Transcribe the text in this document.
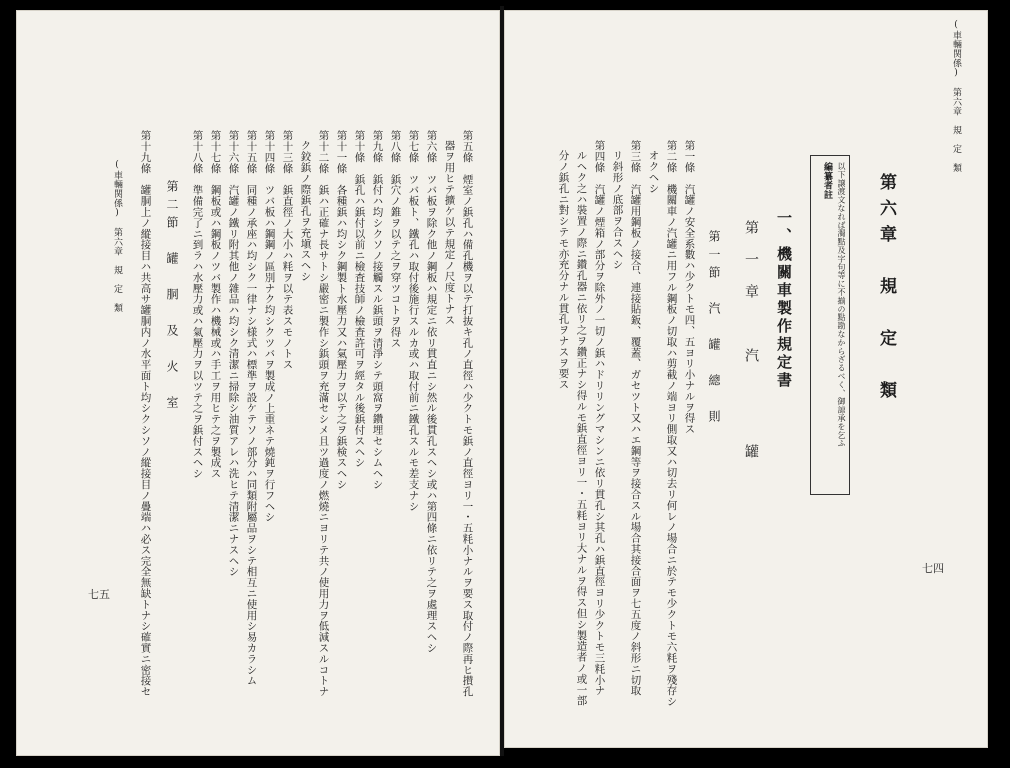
七四
(車輛関係)　第六章　規　定　類
第六章　規　定　類
編纂者註 以下譲渡文なれば濁點及字句等に不揃の點勘なからざるべく、御諒承を乞ふ
一、機關車製作規定書
第一章　汽　　罐
第一節　汽　罐　總　則
第一條　汽罐ノ安全系數ハ少クトモ四、五ヨリ小ナルヲ得ス
第二條　機關車ノ汽罐ニ用フル鋼板ノ切取ハ剪截ノ端ヨリ側取又ハ切去リ何レノ場合ニ於テモ少クトモ六粍ヲ殘存シ
オクヘシ
第三條　汽罐用鋼板ノ接合、連接貼鈑、覆蓋、ガセツト又ハエ鋼等ヲ接合スル場合其接合面ヲ七五度ノ斜形ニ切取
リ斜形ノ底部ヲ合スヘシ
第四條　汽罐ノ煙箱ノ部分ヲ除外ノ一切ノ鋲ハドリリングマシンニ依リ貫孔シ其孔ハ鋲直徑ヨリ少クトモ三粍小ナ
ルヘク之ハ裝置ノ際ニ鑽孔器ニ依リ之ヲ鑽正ナシ得ルモ鋲直徑ヨリ一・五粍ヨリ大ナルヲ得ス但シ製造者ノ或一部
分ノ鋲孔ニ對シテモ亦充分ナル貫孔ヲナスヲ要ス
第五條　煙室ノ鋲孔ハ備孔機ヲ以テ打抜キ孔ノ直徑ハ少クトモ鋲ノ直徑ヨリ一・五粍小ナルヲ要ス取付ノ際再ヒ攅孔
器ヲ用ヒテ擴ケ以テ規定ノ尺度トナス
第六條　ツバ板ヲ除ク他ノ鋼板ハ規定ニ依リ貫直ニシ然ル後貫孔スヘシ或ハ第四條ニ依リテ之ヲ處理スヘシ
第七條　ツバ板ト、鐵孔ハ取付後施行スルカ或ハ取付前ニ鐵孔スルモ差支ナシ
第八條　鋲穴ノ錐ヲ以テ之ヲ穿ツコトヲ得ス
第九條　鋲付ハ均シクソノ接觸スル鋲頭ヲ清淨シテ頭窩ヲ鑽埋セシムヘシ
第十條　鋲孔ハ鋲付以前ニ檢査技師ノ檢査許可ヲ經タル後鋲付スヘシ
第十一條　各種鋲ハ均シク鋼製ト水壓力又ハ氣壓力ヲ以テ之ヲ鋲検スヘシ
第十二條　鋲ハ正確ナ長サトシ嚴密ニ製作シ鋲頭ヲ充滿セシメ且ツ過度ノ燃燒ニヨリテ共ノ使用力ヲ低減スルコトナ
ク鉸鋲ノ際鋲孔ヲ充塡スヘシ
第十三條　鋲直徑ノ大小ハ粍ヲ以テ表スモノトス
第十四條　ツバ板ハ鋼鋼ノ區別ナク均シクツバヲ製成ノ上重ネテ燒鈍ヲ行フヘシ
第十五條　同種ノ承座ハ均シク一律ナシ様式ハ標準ヲ設ケテソノ部分ハ同類附屬品ヲシテ相互ニ使用シ易カラシム
第十六條　汽罐ノ鐵リ附其他ノ雜品ハ均シク清潔ニ掃除シ油質アレハ洗ヒテ清潔ニナスヘシ
第十七條　鋼板或ハ鋼板ノツバ製作ハ機械或ハ手工ヲ用ヒテ之ヲ製成ス
第十八條　準備完了ニ到ラハ水壓力或ハ氣壓力ヲ以ツテ之ヲ鋲付スヘシ
第二節　罐　胴　及　火　室
第十九條　罐胴上ノ縱接目ハ共高サ罐胴内ノ水平面ト均シクシソノ縱接目ノ疊端ハ必ス完全無缺トナシ確實ニ密接セ
(車輛関係)　第六章　規　定　類
七五
